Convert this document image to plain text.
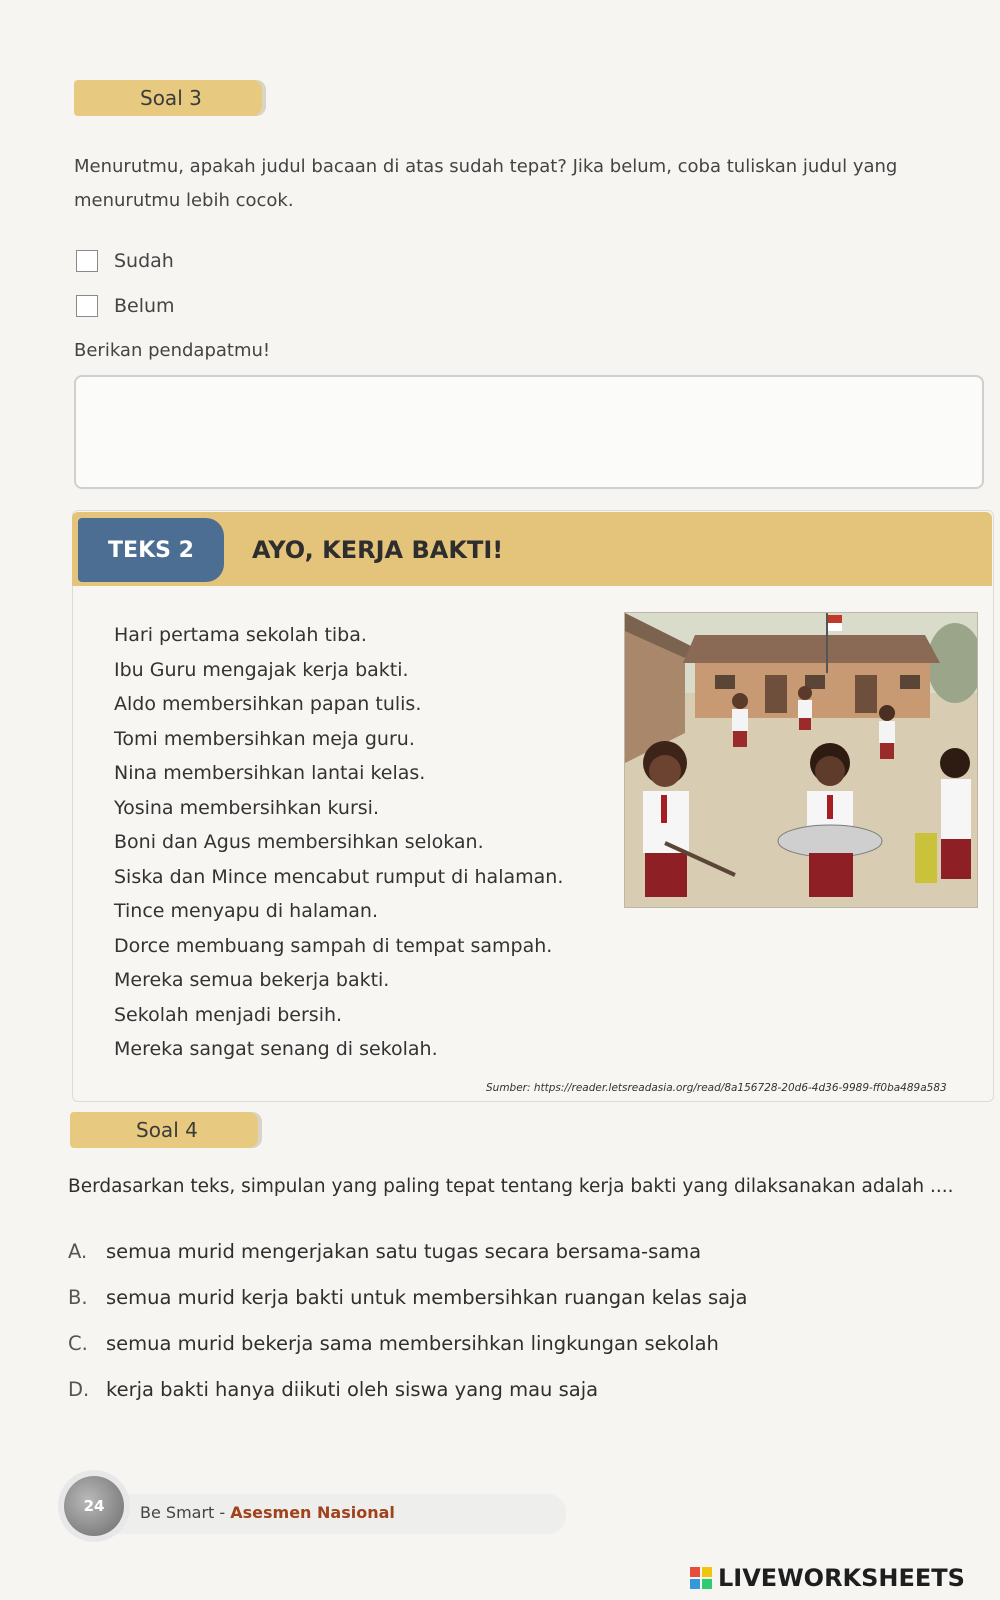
Soal 3
Menurutmu, apakah judul bacaan di atas sudah tepat? Jika belum, coba tuliskan judul yang
menurutmu lebih cocok.
Sudah
Belum
Berikan pendapatmu!
TEKS 2	AYO, KERJA BAKTI!
Hari pertama sekolah tiba.
Ibu Guru mengajak kerja bakti.
Aldo membersihkan papan tulis.
Tomi membersihkan meja guru.
Nina membersihkan lantai kelas.
Yosina membersihkan kursi.
Boni dan Agus membersihkan selokan.
Siska dan Mince mencabut rumput di halaman.
Tince menyapu di halaman.
Dorce membuang sampah di tempat sampah.
Mereka semua bekerja bakti.
Sekolah menjadi bersih.
Mereka sangat senang di sekolah.
Sumber: https://reader.letsreadasia.org/read/8a156728-20d6-4d36-9989-ff0ba489a583
Soal 4
Berdasarkan teks, simpulan yang paling tepat tentang kerja bakti yang dilaksanakan adalah ....
A. semua murid mengerjakan satu tugas secara bersama-sama
B. semua murid kerja bakti untuk membersihkan ruangan kelas saja
C. semua murid bekerja sama membersihkan lingkungan sekolah
D. kerja bakti hanya diikuti oleh siswa yang mau saja
24	Be Smart - Asesmen Nasional
LIVEWORKSHEETS
